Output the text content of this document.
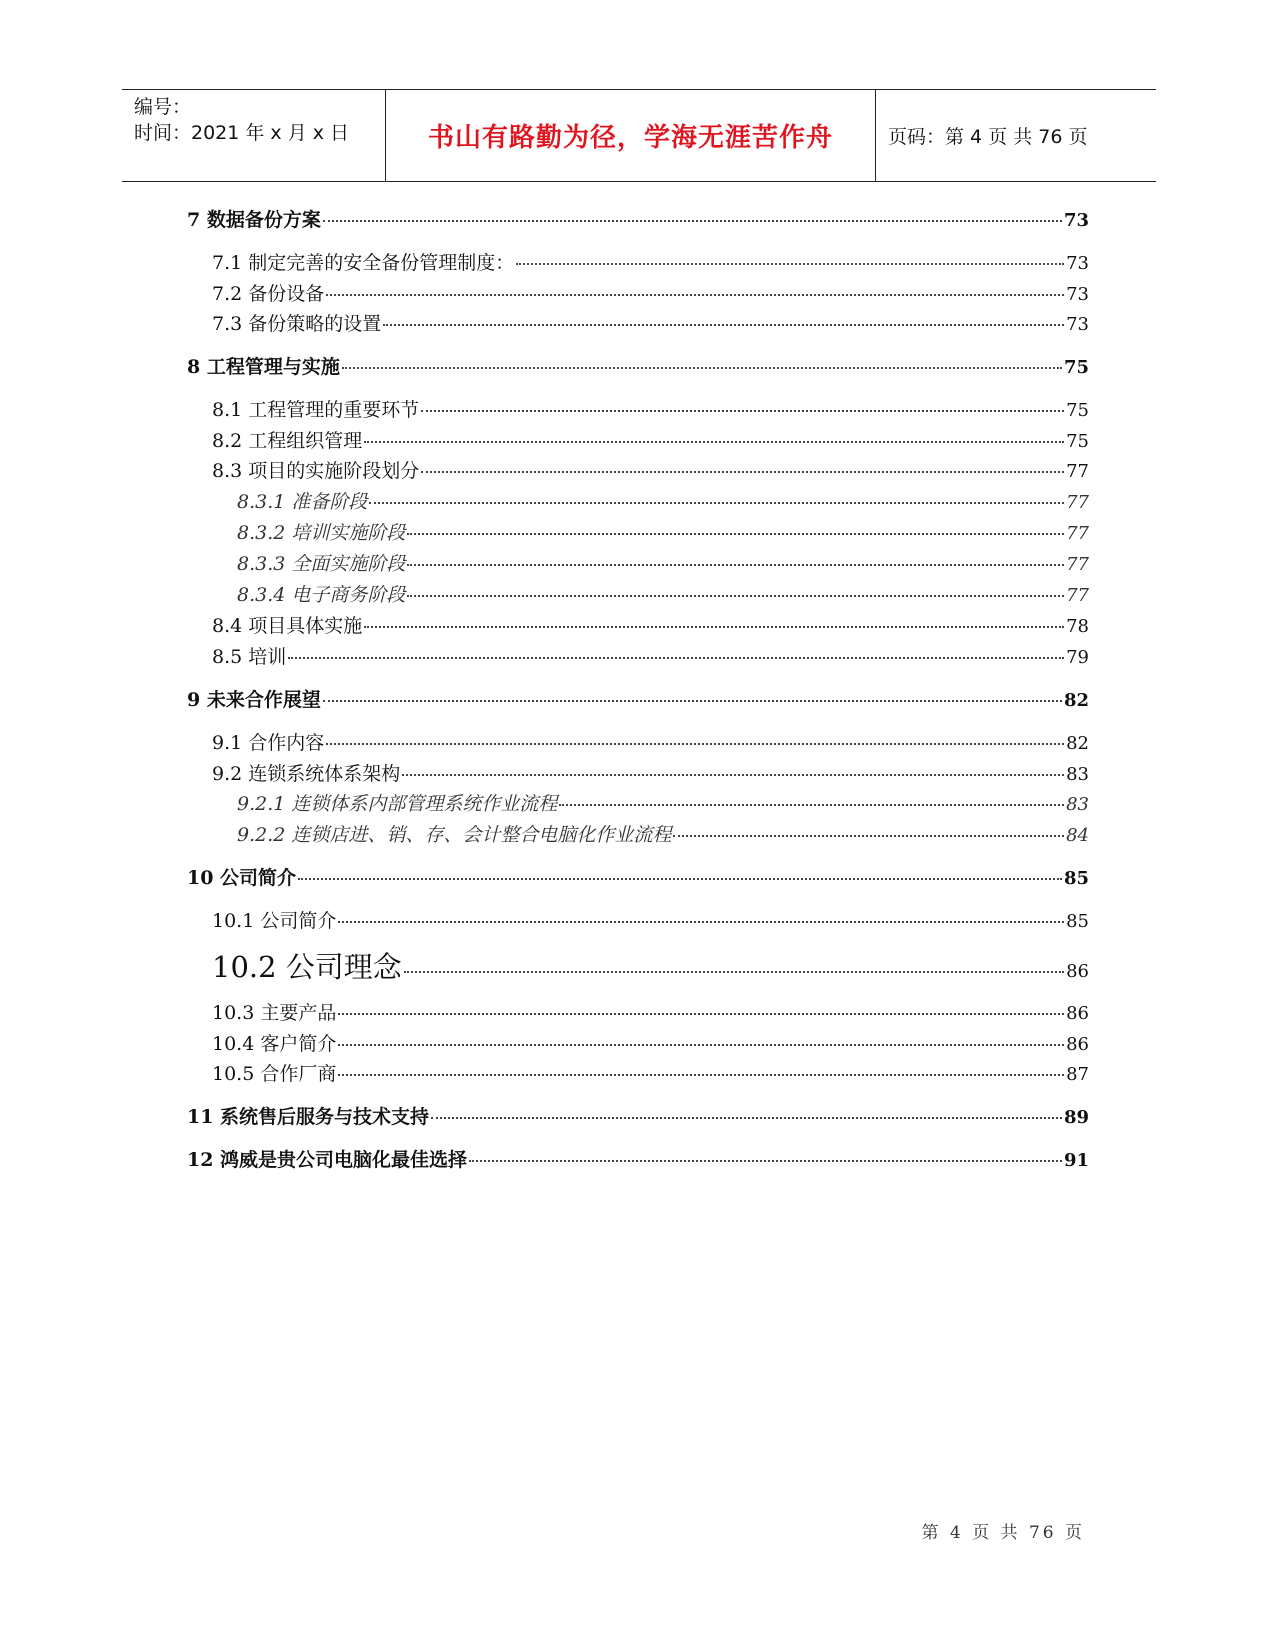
编号：
时间：2021 年 x 月 x 日	书山有路勤为径，学海无涯苦作舟	页码：第 4 页 共 76 页
7 数据备份方案	73
7.1 制定完善的安全备份管理制度：	73
7.2 备份设备	73
7.3 备份策略的设置	73
8 工程管理与实施	75
8.1 工程管理的重要环节	75
8.2 工程组织管理	75
8.3 项目的实施阶段划分	77
8.3.1 准备阶段	77
8.3.2 培训实施阶段	77
8.3.3 全面实施阶段	77
8.3.4 电子商务阶段	77
8.4 项目具体实施	78
8.5 培训	79
9 未来合作展望	82
9.1 合作内容	82
9.2 连锁系统体系架构	83
9.2.1 连锁体系内部管理系统作业流程	83
9.2.2 连锁店进、销、存、会计整合电脑化作业流程	84
10 公司简介	85
10.1 公司简介	85
10.2 公司理念	86
10.3 主要产品	86
10.4 客户简介	86
10.5 合作厂商	87
11 系统售后服务与技术支持	89
12 鸿威是贵公司电脑化最佳选择	91
第 4 页 共 76 页
